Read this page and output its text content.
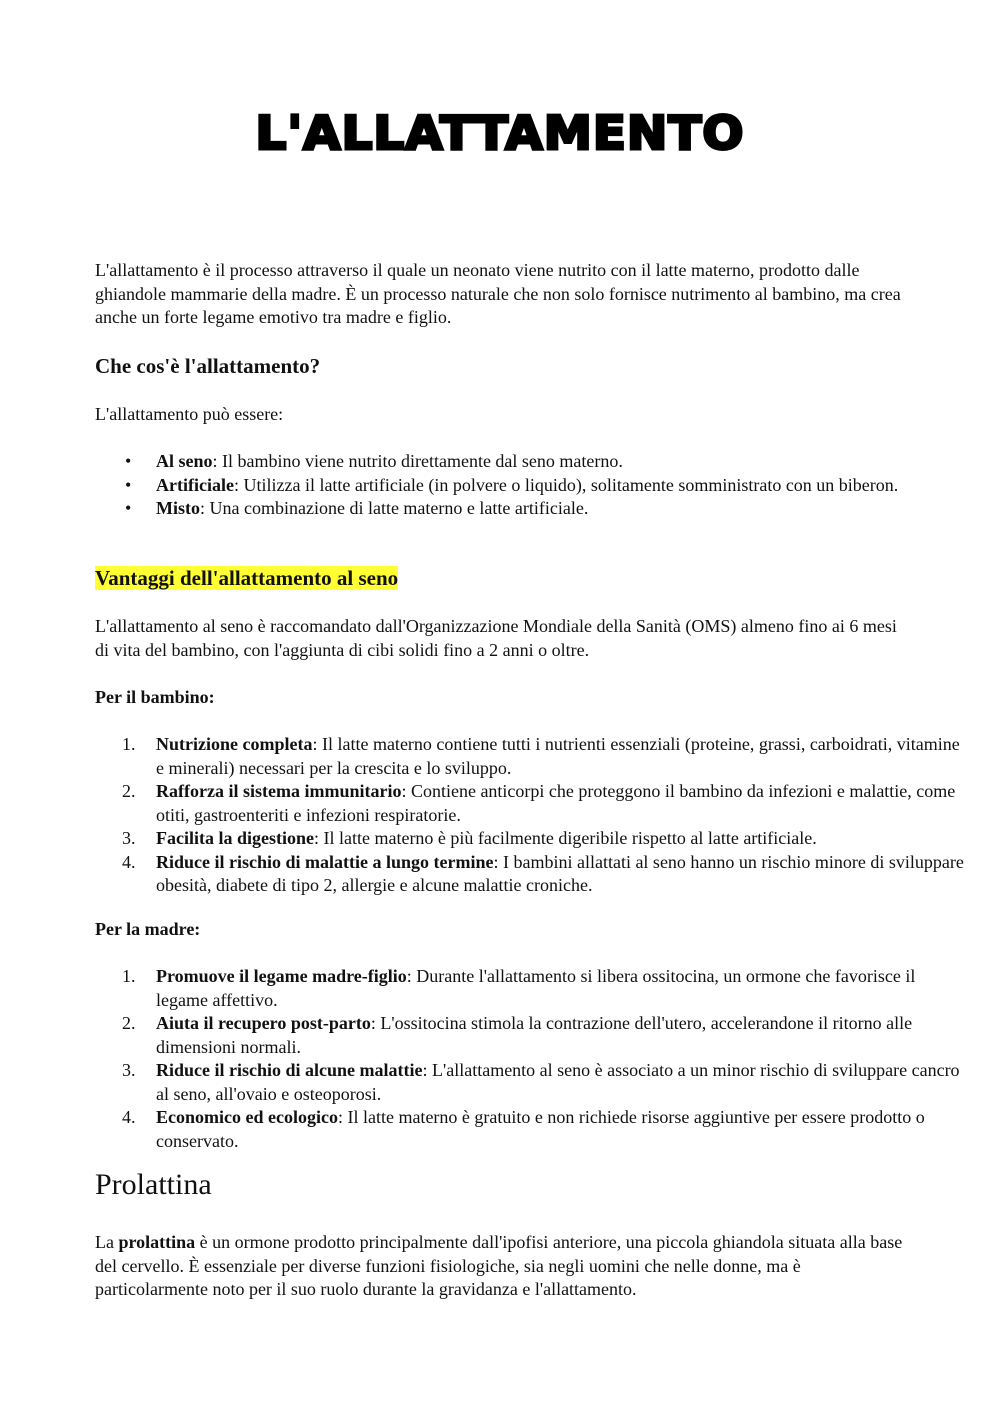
L'ALLATTAMENTO

L'allattamento è il processo attraverso il quale un neonato viene nutrito con il latte materno, prodotto dalle ghiandole mammarie della madre. È un processo naturale che non solo fornisce nutrimento al bambino, ma crea anche un forte legame emotivo tra madre e figlio.

Che cos'è l'allattamento?

L'allattamento può essere:

• Al seno: Il bambino viene nutrito direttamente dal seno materno.
• Artificiale: Utilizza il latte artificiale (in polvere o liquido), solitamente somministrato con un biberon.
• Misto: Una combinazione di latte materno e latte artificiale.
Vantaggi dell'allattamento al seno

L'allattamento al seno è raccomandato dall'Organizzazione Mondiale della Sanità (OMS) almeno fino ai 6 mesi di vita del bambino, con l'aggiunta di cibi solidi fino a 2 anni o oltre.

Per il bambino:
1. Nutrizione completa: Il latte materno contiene tutti i nutrienti essenziali (proteine, grassi, carboidrati, vitamine e minerali) necessari per la crescita e lo sviluppo.
2. Rafforza il sistema immunitario: Contiene anticorpi che proteggono il bambino da infezioni e malattie, come otiti, gastroenteriti e infezioni respiratorie.
3. Facilita la digestione: Il latte materno è più facilmente digeribile rispetto al latte artificiale.
4. Riduce il rischio di malattie a lungo termine: I bambini allattati al seno hanno un rischio minore di sviluppare obesità, diabete di tipo 2, allergie e alcune malattie croniche.
Per la madre:
1. Promuove il legame madre-figlio: Durante l'allattamento si libera ossitocina, un ormone che favorisce il legame affettivo.
2. Aiuta il recupero post-parto: L'ossitocina stimola la contrazione dell'utero, accelerandone il ritorno alle dimensioni normali.
3. Riduce il rischio di alcune malattie: L'allattamento al seno è associato a un minor rischio di sviluppare cancro al seno, all'ovaio e osteoporosi.
4. Economico ed ecologico: Il latte materno è gratuito e non richiede risorse aggiuntive per essere prodotto o conservato.
Prolattina

La prolattina è un ormone prodotto principalmente dall'ipofisi anteriore, una piccola ghiandola situata alla base del cervello. È essenziale per diverse funzioni fisiologiche, sia negli uomini che nelle donne, ma è particolarmente noto per il suo ruolo durante la gravidanza e l'allattamento.
